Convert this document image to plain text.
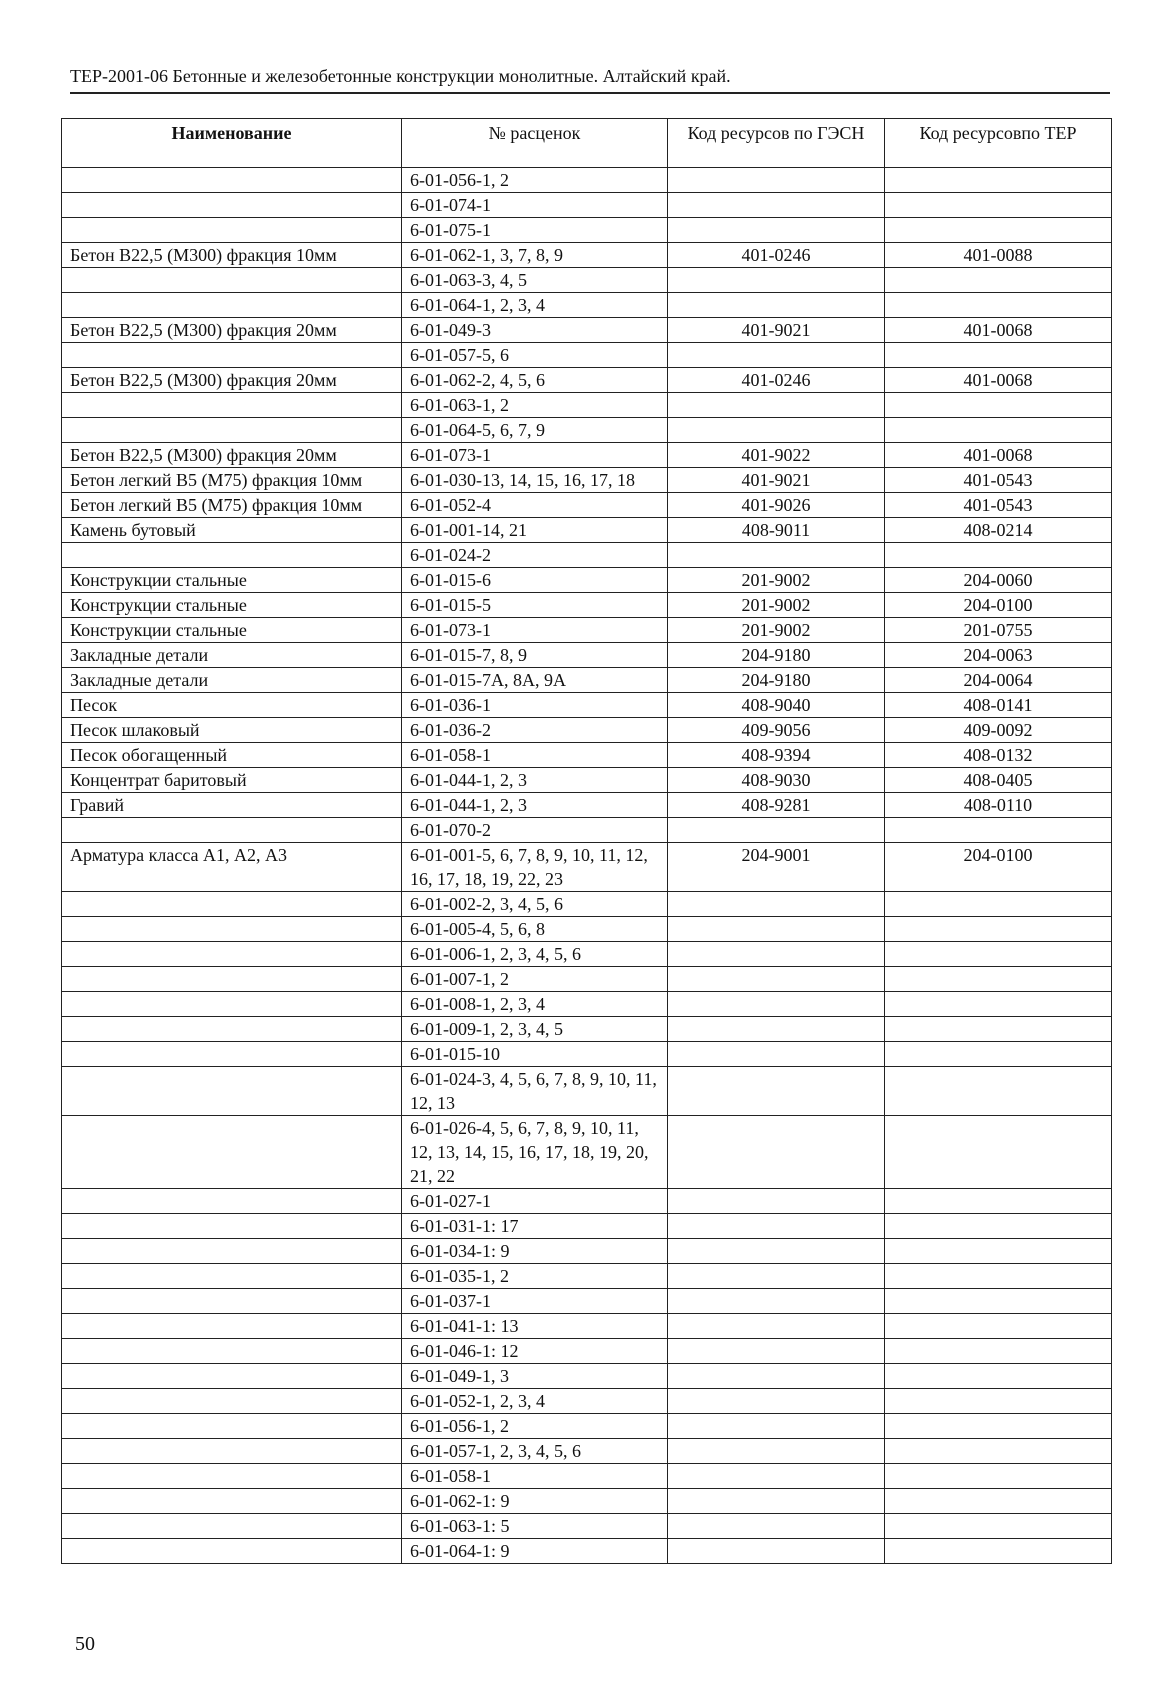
ТЕР-2001-06 Бетонные и железобетонные конструкции монолитные. Алтайский край.
Наименование	№ расценок	Код ресурсов по ГЭСН	Код ресурсовпо ТЕР
	6-01-056-1, 2		
	6-01-074-1		
	6-01-075-1		
Бетон В22,5 (М300) фракция 10мм	6-01-062-1, 3, 7, 8, 9	401-0246	401-0088
	6-01-063-3, 4, 5		
	6-01-064-1, 2, 3, 4		
Бетон В22,5 (М300) фракция 20мм	6-01-049-3	401-9021	401-0068
	6-01-057-5, 6		
Бетон В22,5 (М300) фракция 20мм	6-01-062-2, 4, 5, 6	401-0246	401-0068
	6-01-063-1, 2		
	6-01-064-5, 6, 7, 9		
Бетон В22,5 (М300) фракция 20мм	6-01-073-1	401-9022	401-0068
Бетон легкий В5 (М75) фракция 10мм	6-01-030-13, 14, 15, 16, 17, 18	401-9021	401-0543
Бетон легкий В5 (М75) фракция 10мм	6-01-052-4	401-9026	401-0543
Камень бутовый	6-01-001-14, 21	408-9011	408-0214
	6-01-024-2		
Конструкции стальные	6-01-015-6	201-9002	204-0060
Конструкции стальные	6-01-015-5	201-9002	204-0100
Конструкции стальные	6-01-073-1	201-9002	201-0755
Закладные детали	6-01-015-7, 8, 9	204-9180	204-0063
Закладные детали	6-01-015-7А, 8А, 9А	204-9180	204-0064
Песок	6-01-036-1	408-9040	408-0141
Песок шлаковый	6-01-036-2	409-9056	409-0092
Песок обогащенный	6-01-058-1	408-9394	408-0132
Концентрат баритовый	6-01-044-1, 2, 3	408-9030	408-0405
Гравий	6-01-044-1, 2, 3	408-9281	408-0110
	6-01-070-2		
Арматура класса А1, А2, А3	6-01-001-5, 6, 7, 8, 9, 10, 11, 12, 16, 17, 18, 19, 22, 23	204-9001	204-0100
	6-01-002-2, 3, 4, 5, 6		
	6-01-005-4, 5, 6, 8		
	6-01-006-1, 2, 3, 4, 5, 6		
	6-01-007-1, 2		
	6-01-008-1, 2, 3, 4		
	6-01-009-1, 2, 3, 4, 5		
	6-01-015-10		
	6-01-024-3, 4, 5, 6, 7, 8, 9, 10, 11, 12, 13		
	6-01-026-4, 5, 6, 7, 8, 9, 10, 11, 12, 13, 14, 15, 16, 17, 18, 19, 20, 21, 22		
	6-01-027-1		
	6-01-031-1: 17		
	6-01-034-1: 9		
	6-01-035-1, 2		
	6-01-037-1		
	6-01-041-1: 13		
	6-01-046-1: 12		
	6-01-049-1, 3		
	6-01-052-1, 2, 3, 4		
	6-01-056-1, 2		
	6-01-057-1, 2, 3, 4, 5, 6		
	6-01-058-1		
	6-01-062-1: 9		
	6-01-063-1: 5		
	6-01-064-1: 9		
50
